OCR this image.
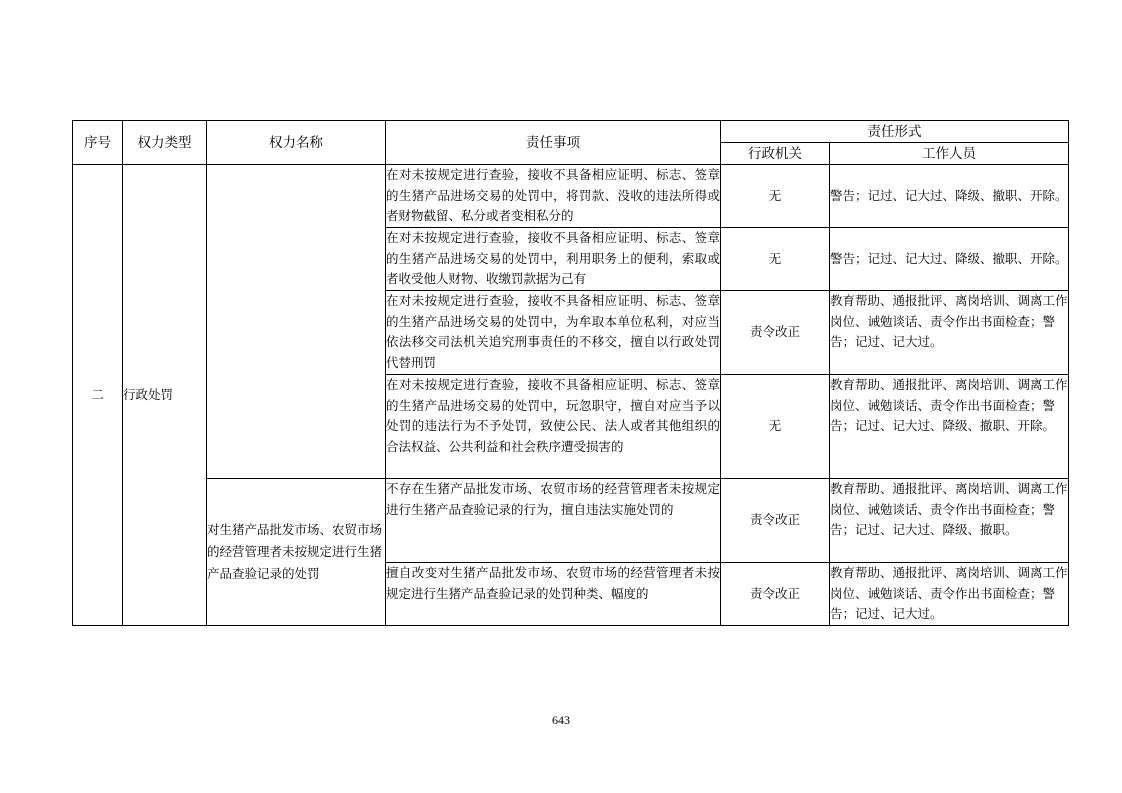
序号	权力类型	权力名称	责任事项	责任形式	
				行政机关	工作人员
二	行政处罚		在对未按规定进行查验，接收不具备相应证明、标志、签章的生猪产品进场交易的处罚中，将罚款、没收的违法所得或者财物截留、私分或者变相私分的	无	警告；记过、记大过、降级、撤职、开除。
			在对未按规定进行查验，接收不具备相应证明、标志、签章的生猪产品进场交易的处罚中，利用职务上的便利，索取或者收受他人财物、收缴罚款据为己有	无	警告；记过、记大过、降级、撤职、开除。
			在对未按规定进行查验，接收不具备相应证明、标志、签章的生猪产品进场交易的处罚中，为牟取本单位私利，对应当依法移交司法机关追究刑事责任的不移交，擅自以行政处罚代替刑罚	责令改正	教育帮助、通报批评、离岗培训、调离工作岗位、诫勉谈话、责令作出书面检查；警告；记过、记大过。
			在对未按规定进行查验，接收不具备相应证明、标志、签章的生猪产品进场交易的处罚中，玩忽职守，擅自对应当予以处罚的违法行为不予处罚，致使公民、法人或者其他组织的合法权益、公共利益和社会秩序遭受损害的	无	教育帮助、通报批评、离岗培训、调离工作岗位、诫勉谈话、责令作出书面检查；警告；记过、记大过、降级、撤职、开除。
		对生猪产品批发市场、农贸市场的经营管理者未按规定进行生猪产品查验记录的处罚	不存在生猪产品批发市场、农贸市场的经营管理者未按规定进行生猪产品查验记录的行为，擅自违法实施处罚的	责令改正	教育帮助、通报批评、离岗培训、调离工作岗位、诫勉谈话、责令作出书面检查；警告；记过、记大过、降级、撤职。
			擅自改变对生猪产品批发市场、农贸市场的经营管理者未按规定进行生猪产品查验记录的处罚种类、幅度的	责令改正	教育帮助、通报批评、离岗培训、调离工作岗位、诫勉谈话、责令作出书面检查；警告；记过、记大过。
643
